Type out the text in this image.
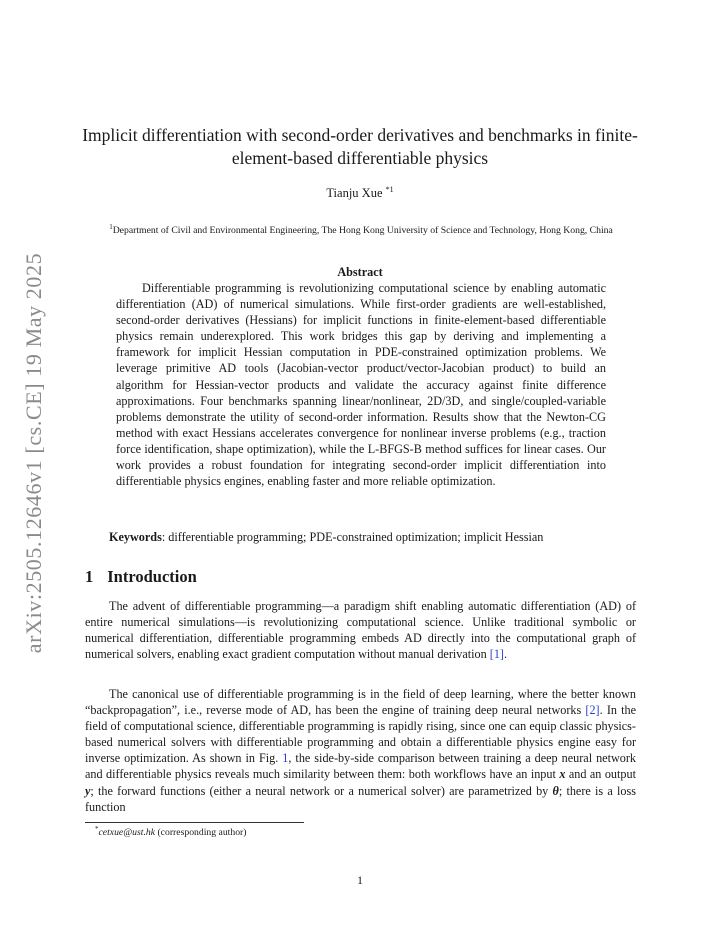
arXiv:2505.12646v1 [cs.CE] 19 May 2025
Implicit differentiation with second-order derivatives and benchmarks in finite-element-based differentiable physics
Tianju Xue $^{*1}$
$^1$Department of Civil and Environmental Engineering, The Hong Kong University of Science and Technology, Hong Kong, China
Abstract
Differentiable programming is revolutionizing computational science by enabling automatic differentiation (AD) of numerical simulations. While first-order gradients are well-established, second-order derivatives (Hessians) for implicit functions in finite-element-based differentiable physics remain underexplored. This work bridges this gap by deriving and implementing a framework for implicit Hessian computation in PDE-constrained optimization problems. We leverage primitive AD tools (Jacobian-vector product/vector-Jacobian product) to build an algorithm for Hessian-vector products and validate the accuracy against finite difference approximations. Four benchmarks spanning linear/nonlinear, 2D/3D, and single/coupled-variable problems demonstrate the utility of second-order information. Results show that the Newton-CG method with exact Hessians accelerates convergence for nonlinear inverse problems (e.g., traction force identification, shape optimization), while the L-BFGS-B method suffices for linear cases. Our work provides a robust foundation for integrating second-order implicit differentiation into differentiable physics engines, enabling faster and more reliable optimization.
Keywords: differentiable programming; PDE-constrained optimization; implicit Hessian
1 Introduction
The advent of differentiable programming—a paradigm shift enabling automatic differentiation (AD) of entire numerical simulations—is revolutionizing computational science. Unlike traditional symbolic or numerical differentiation, differentiable programming embeds AD directly into the computational graph of numerical solvers, enabling exact gradient computation without manual derivation [1].
The canonical use of differentiable programming is in the field of deep learning, where the better known “backpropagation”, i.e., reverse mode of AD, has been the engine of training deep neural networks [2]. In the field of computational science, differentiable programming is rapidly rising, since one can equip classic physics-based numerical solvers with differentiable programming and obtain a differentiable physics engine easy for inverse optimization. As shown in Fig. 1, the side-by-side comparison between training a deep neural network and differentiable physics reveals much similarity between them: both workflows have an input x and an output y; the forward functions (either a neural network or a numerical solver) are parametrized by θ; there is a loss function
*cetxue@ust.hk (corresponding author)
1
